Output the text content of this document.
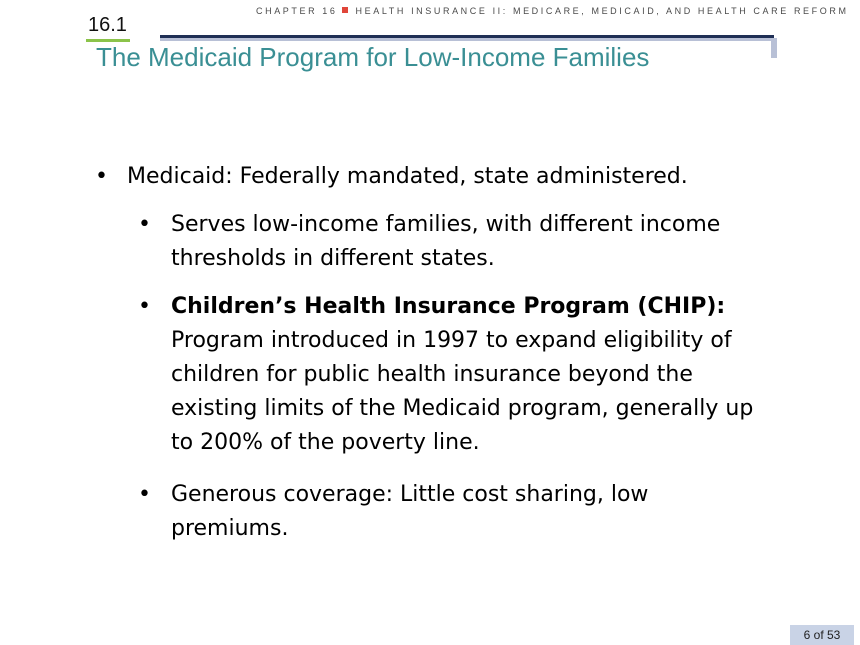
CHAPTER 16 HEALTH INSURANCE II: MEDICARE, MEDICAID, AND HEALTH CARE REFORM
16.1
The Medicaid Program for Low-Income Families
• Medicaid: Federally mandated, state administered.
• Serves low-income families, with different income thresholds in different states.
• Children’s Health Insurance Program (CHIP): Program introduced in 1997 to expand eligibility of children for public health insurance beyond the existing limits of the Medicaid program, generally up to 200% of the poverty line.
• Generous coverage: Little cost sharing, low premiums.
6 of 53
